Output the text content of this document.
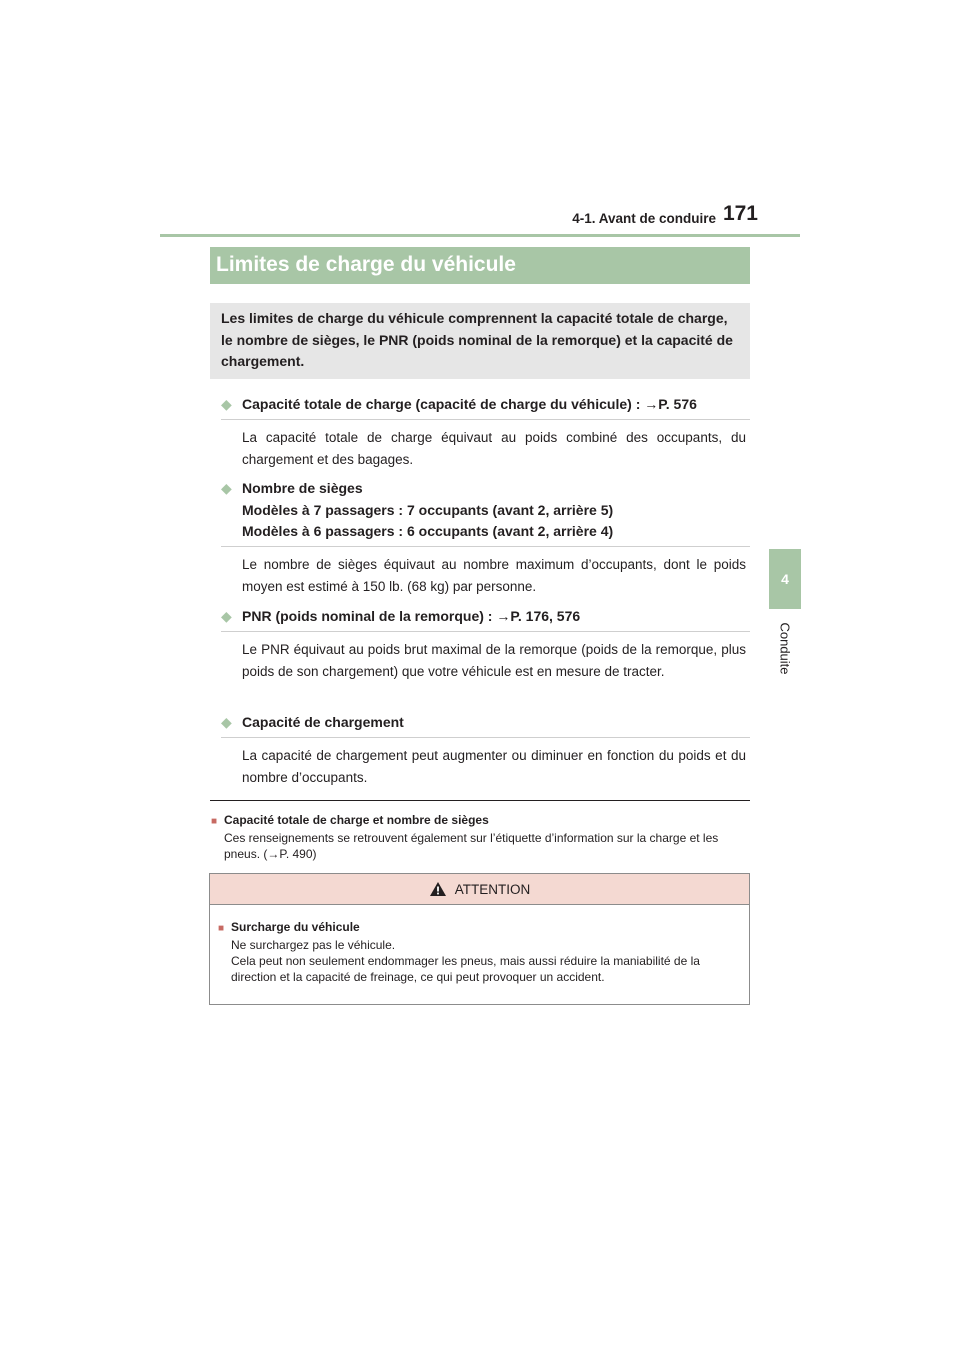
4-1. Avant de conduire 171
4
Conduite
Limites de charge du véhicule
Les limites de charge du véhicule comprennent la capacité totale de charge, le nombre de sièges, le PNR (poids nominal de la remorque) et la capacité de chargement.
◆ Capacité totale de charge (capacité de charge du véhicule) : →P. 576
La capacité totale de charge équivaut au poids combiné des occupants, du chargement et des bagages.
◆ Nombre de sièges
Modèles à 7 passagers : 7 occupants (avant 2, arrière 5)
Modèles à 6 passagers : 6 occupants (avant 2, arrière 4)
Le nombre de sièges équivaut au nombre maximum d’occupants, dont le poids moyen est estimé à 150 lb. (68 kg) par personne.
◆ PNR (poids nominal de la remorque) : →P. 176, 576
Le PNR équivaut au poids brut maximal de la remorque (poids de la remorque, plus poids de son chargement) que votre véhicule est en mesure de tracter.
◆ Capacité de chargement
La capacité de chargement peut augmenter ou diminuer en fonction du poids et du nombre d’occupants.
■ Capacité totale de charge et nombre de sièges
Ces renseignements se retrouvent également sur l’étiquette d’information sur la charge et les pneus. (→P. 490)
ATTENTION
■ Surcharge du véhicule
Ne surchargez pas le véhicule.
Cela peut non seulement endommager les pneus, mais aussi réduire la maniabilité de la direction et la capacité de freinage, ce qui peut provoquer un accident.
